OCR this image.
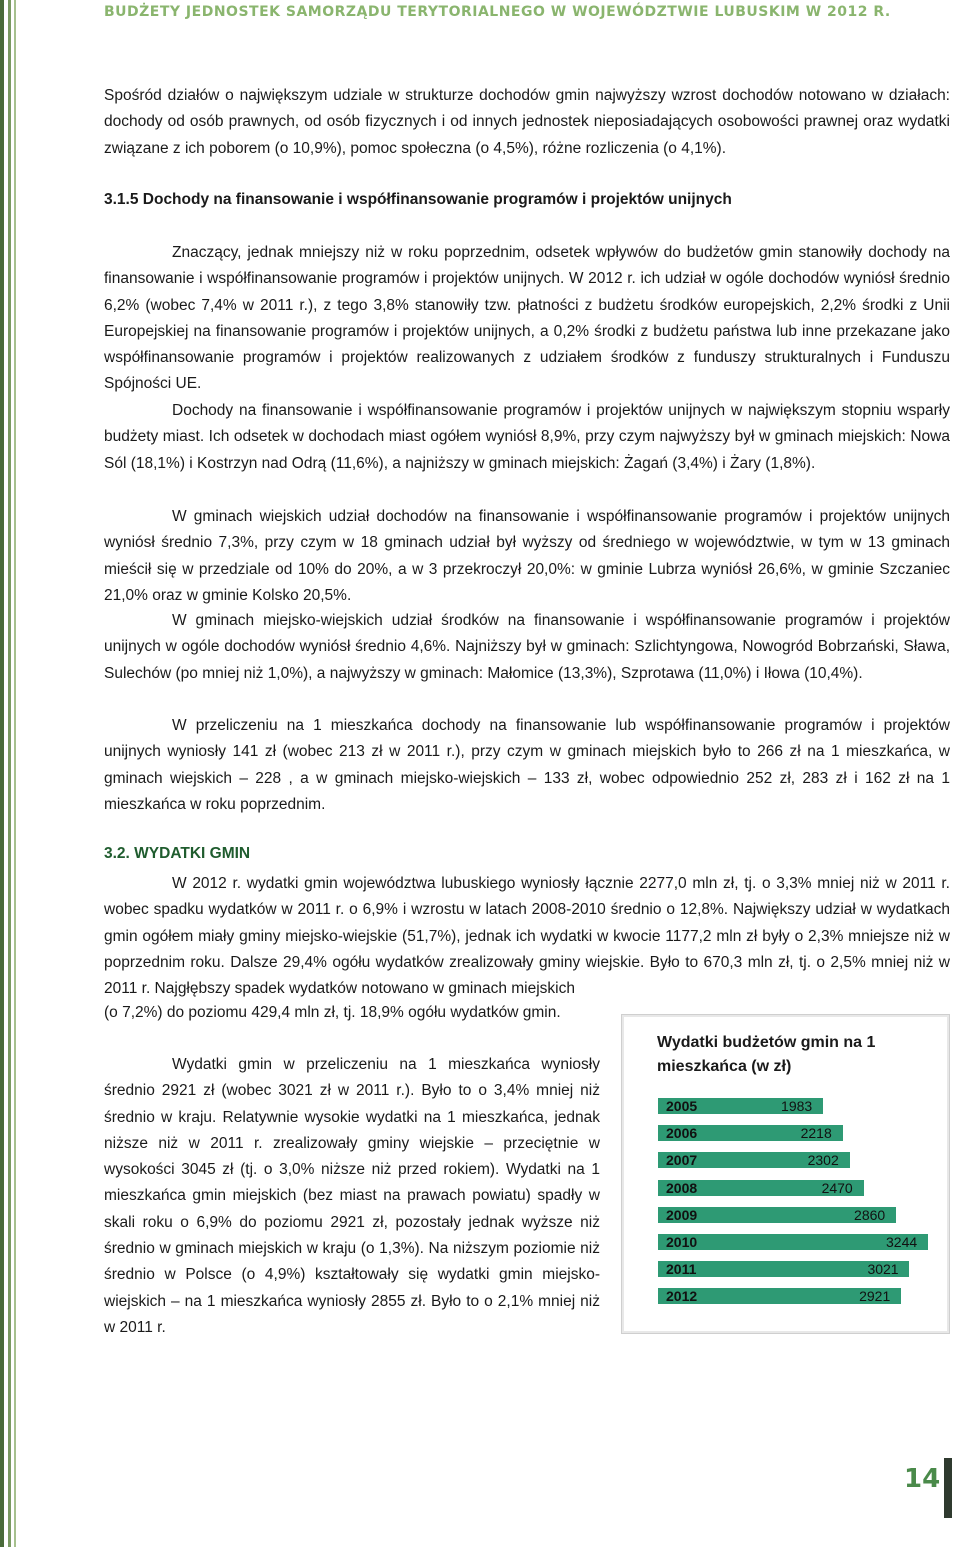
BUDŻETY JEDNOSTEK SAMORZĄDU TERYTORIALNEGO W WOJEWÓDZTWIE LUBUSKIM W 2012 R.

Spośród działów o największym udziale w strukturze dochodów gmin najwyższy wzrost dochodów notowano w działach: dochody od osób prawnych, od osób fizycznych i od innych jednostek nieposiadających osobowości prawnej oraz wydatki związane z ich poborem (o 10,9%), pomoc społeczna (o 4,5%), różne rozliczenia (o 4,1%).

3.1.5 Dochody na finansowanie i współfinansowanie programów i projektów unijnych

Znaczący, jednak mniejszy niż w roku poprzednim, odsetek wpływów do budżetów gmin stanowiły dochody na finansowanie i współfinansowanie programów i projektów unijnych. W 2012 r. ich udział w ogóle dochodów wyniósł średnio 6,2% (wobec 7,4% w 2011 r.), z tego 3,8% stanowiły tzw. płatności z budżetu środków europejskich, 2,2% środki z Unii Europejskiej na finansowanie programów i projektów unijnych, a 0,2% środki z budżetu państwa lub inne przekazane jako współfinansowanie programów i projektów realizowanych z udziałem środków z funduszy strukturalnych i Funduszu Spójności UE.

Dochody na finansowanie i współfinansowanie programów i projektów unijnych w największym stopniu wsparły budżety miast. Ich odsetek w dochodach miast ogółem wyniósł 8,9%, przy czym najwyższy był w gminach miejskich: Nowa Sól (18,1%) i Kostrzyn nad Odrą (11,6%), a najniższy w gminach miejskich: Żagań (3,4%) i Żary (1,8%).

W gminach wiejskich udział dochodów na finansowanie i współfinansowanie programów i projektów unijnych wyniósł średnio 7,3%, przy czym w 18 gminach udział był wyższy od średniego w województwie, w tym w 13 gminach mieścił się w przedziale od 10% do 20%, a w 3 przekroczył 20,0%: w gminie Lubrza wyniósł 26,6%, w gminie Szczaniec 21,0% oraz w gminie Kolsko 20,5%.

W gminach miejsko-wiejskich udział środków na finansowanie i współfinansowanie programów i projektów unijnych w ogóle dochodów wyniósł średnio 4,6%. Najniższy był w gminach: Szlichtyngowa, Nowogród Bobrzański, Sława, Sulechów (po mniej niż 1,0%), a najwyższy w gminach: Małomice (13,3%), Szprotawa (11,0%) i Iłowa (10,4%).

W przeliczeniu na 1 mieszkańca dochody na finansowanie lub współfinansowanie programów i projektów unijnych wyniosły 141 zł (wobec 213 zł w 2011 r.), przy czym w gminach miejskich było to 266 zł na 1 mieszkańca, w gminach wiejskich – 228 , a w gminach miejsko-wiejskich – 133 zł, wobec odpowiednio 252 zł, 283 zł i 162 zł na 1 mieszkańca w roku poprzednim.

3.2. WYDATKI GMIN

W 2012 r. wydatki gmin województwa lubuskiego wyniosły łącznie 2277,0 mln zł, tj. o 3,3% mniej niż w 2011 r. wobec spadku wydatków w 2011 r. o 6,9% i wzrostu w latach 2008-2010 średnio o 12,8%. Największy udział w wydatkach gmin ogółem miały gminy miejsko-wiejskie (51,7%), jednak ich wydatki w kwocie 1177,2 mln zł były o 2,3% mniejsze niż w poprzednim roku. Dalsze 29,4% ogółu wydatków zrealizowały gminy wiejskie. Było to 670,3 mln zł, tj. o 2,5% mniej niż w 2011 r. Najgłębszy spadek wydatków notowano w gminach miejskich

(o 7,2%) do poziomu 429,4 mln zł, tj. 18,9% ogółu wydatków gmin.

Wydatki gmin w przeliczeniu na 1 mieszkańca wyniosły średnio 2921 zł (wobec 3021 zł w 2011 r.). Było to o 3,4% mniej niż średnio w kraju. Relatywnie wysokie wydatki na 1 mieszkańca, jednak niższe niż w 2011 r. zrealizowały gminy wiejskie – przeciętnie w wysokości 3045 zł (tj. o 3,0% niższe niż przed rokiem). Wydatki na 1 mieszkańca gmin miejskich (bez miast na prawach powiatu) spadły w skali roku o 6,9% do poziomu 2921 zł, pozostały jednak wyższe niż średnio w gminach miejskich w kraju (o 1,3%). Na niższym poziomie niż średnio w Polsce (o 4,9%) kształtowały się wydatki gmin miejsko-wiejskich – na 1 mieszkańca wyniosły 2855 zł. Było to o 2,1% mniej niż w 2011 r.

Wydatki budżetów gmin na 1 mieszkańca (w zł)
2005	1983
2006	2218
2007	2302
2008	2470
2009	2860
2010	3244
2011	3021
2012	2921
14
